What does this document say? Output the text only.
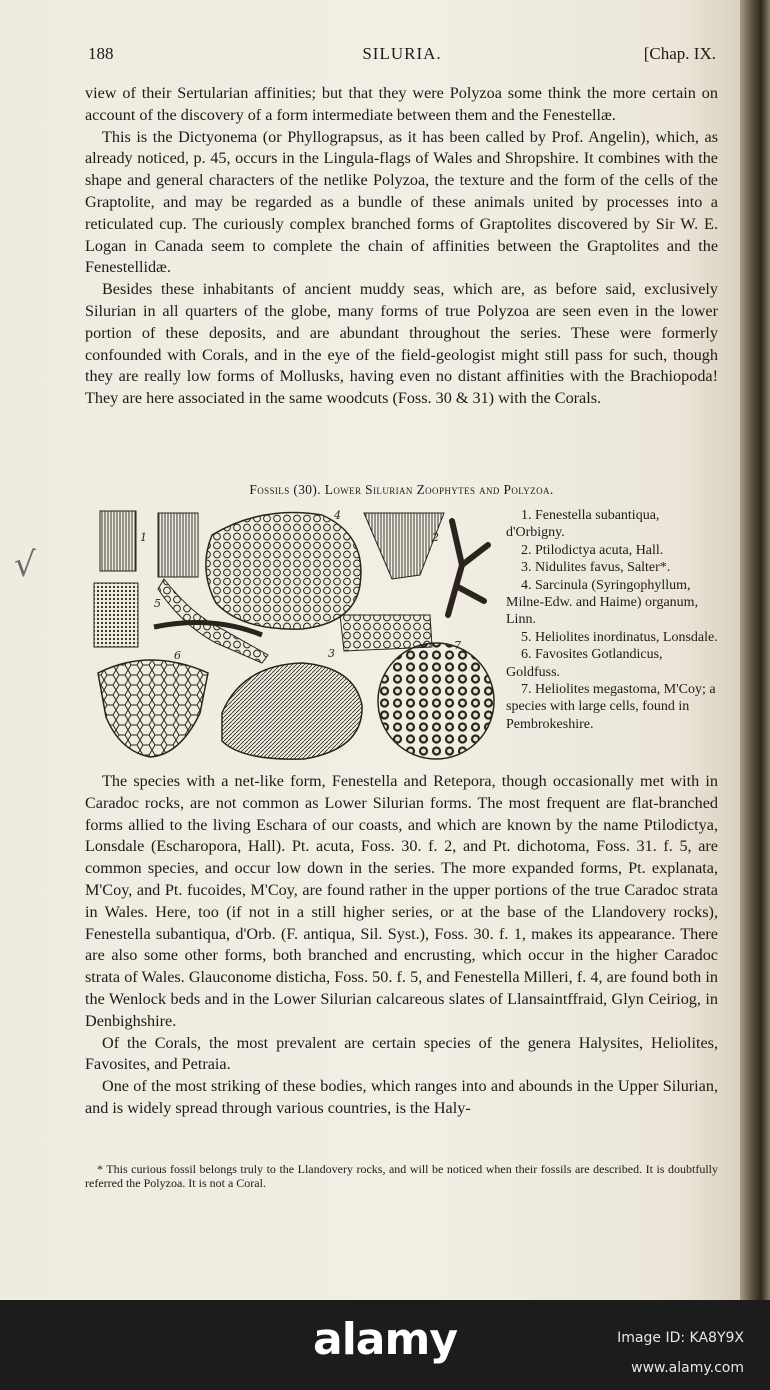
√
188	SILURIA.	[Chap. IX.

view of their Sertularian affinities; but that they were Polyzoa some think the more certain on account of the discovery of a form intermediate between them and the Fenestellæ.

This is the Dictyonema (or Phyllograpsus, as it has been called by Prof. Angelin), which, as already noticed, p. 45, occurs in the Lingula-flags of Wales and Shropshire. It combines with the shape and general characters of the netlike Polyzoa, the texture and the form of the cells of the Graptolite, and may be regarded as a bundle of these animals united by processes into a reticulated cup. The curiously complex branched forms of Graptolites discovered by Sir W. E. Logan in Canada seem to complete the chain of affinities between the Graptolites and the Fenestellidæ.

Besides these inhabitants of ancient muddy seas, which are, as before said, exclusively Silurian in all quarters of the globe, many forms of true Polyzoa are seen even in the lower portion of these deposits, and are abundant throughout the series. These were formerly confounded with Corals, and in the eye of the field-geologist might still pass for such, though they are really low forms of Mollusks, having even no distant affinities with the Brachiopoda! They are here associated in the same woodcuts (Foss. 30 & 31) with the Corals.

Fossils (30). Lower Silurian Zoophytes and Polyzoa.
1
4
2
5
6	3
7

1. Fenestella subantiqua, d'Orbigny.

2. Ptilodictya acuta, Hall.

3. Nidulites favus, Salter*.

4. Sarcinula (Syringophyllum, Milne-Edw. and Haime) organum, Linn.

5. Heliolites inordinatus, Lonsdale.

6. Favosites Gotlandicus, Goldfuss.

7. Heliolites megastoma, M'Coy; a species with large cells, found in Pembrokeshire.

The species with a net-like form, Fenestella and Retepora, though occasionally met with in Caradoc rocks, are not common as Lower Silurian forms. The most frequent are flat-branched forms allied to the living Eschara of our coasts, and which are known by the name Ptilodictya, Lonsdale (Escharopora, Hall). Pt. acuta, Foss. 30. f. 2, and Pt. dichotoma, Foss. 31. f. 5, are common species, and occur low down in the series. The more expanded forms, Pt. explanata, M'Coy, and Pt. fucoides, M'Coy, are found rather in the upper portions of the true Caradoc strata in Wales. Here, too (if not in a still higher series, or at the base of the Llandovery rocks), Fenestella subantiqua, d'Orb. (F. antiqua, Sil. Syst.), Foss. 30. f. 1, makes its appearance. There are also some other forms, both branched and encrusting, which occur in the higher Caradoc strata of Wales. Glauconome disticha, Foss. 50. f. 5, and Fenestella Milleri, f. 4, are found both in the Wenlock beds and in the Lower Silurian calcareous slates of Llansaintffraid, Glyn Ceiriog, in Denbighshire.

Of the Corals, the most prevalent are certain species of the genera Halysites, Heliolites, Favosites, and Petraia.

One of the most striking of these bodies, which ranges into and abounds in the Upper Silurian, and is widely spread through various countries, is the Haly-

* This curious fossil belongs truly to the Llandovery rocks, and will be noticed when their fossils are described. It is doubtfully referred the Polyzoa. It is not a Coral.
alamy	Image ID: KA8Y9X
www.alamy.com
